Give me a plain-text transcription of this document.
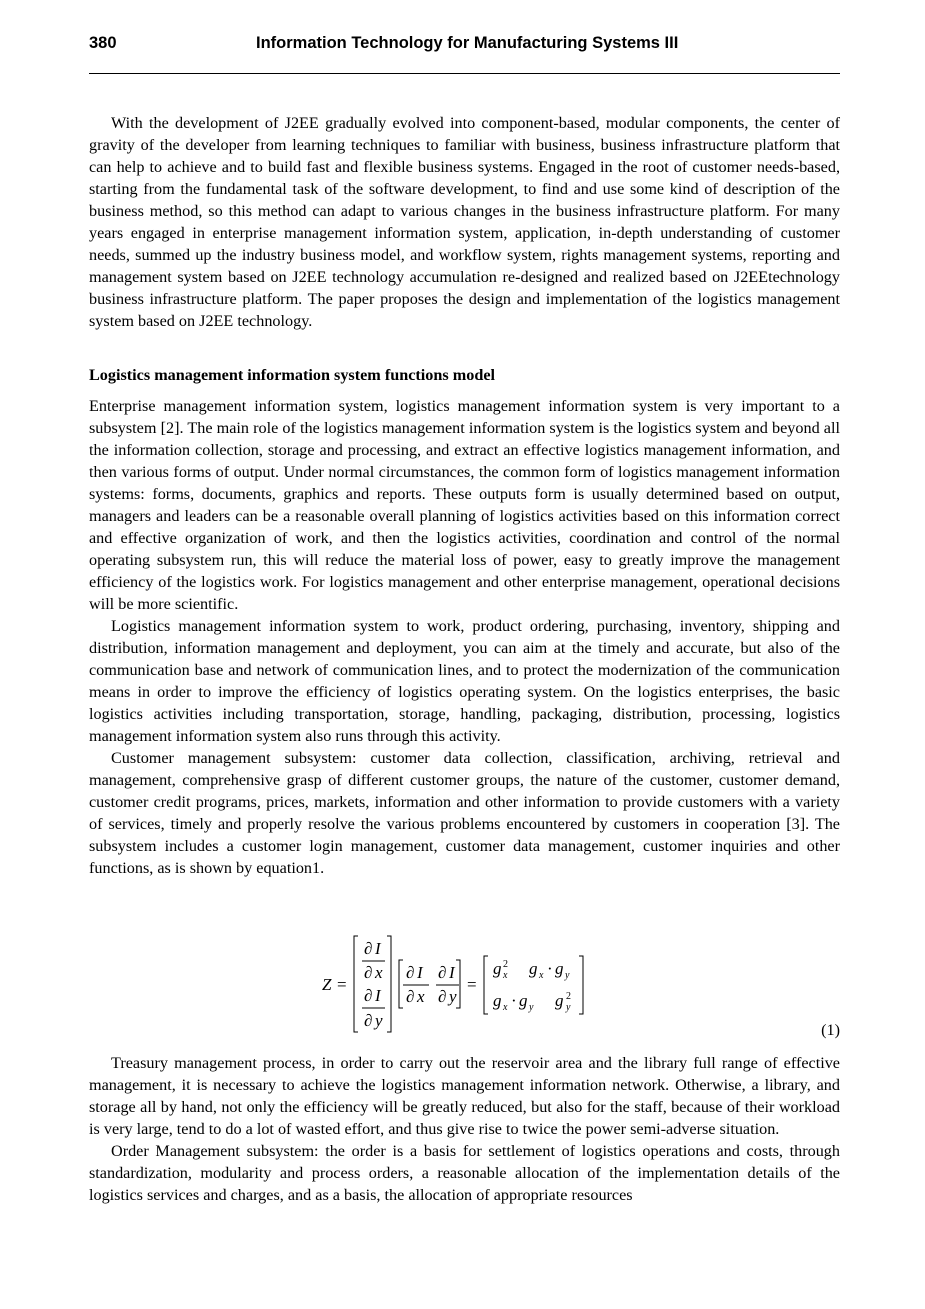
380	Information Technology for Manufacturing Systems III

With the development of J2EE gradually evolved into component-based, modular components, the center of gravity of the developer from learning techniques to familiar with business, business infrastructure platform that can help to achieve and to build fast and flexible business systems. Engaged in the root of customer needs-based, starting from the fundamental task of the software development, to find and use some kind of description of the business method, so this method can adapt to various changes in the business infrastructure platform. For many years engaged in enterprise management information system, application, in-depth understanding of customer needs, summed up the industry business model, and workflow system, rights management systems, reporting and management system based on J2EE technology accumulation re-designed and realized based on J2EEtechnology business infrastructure platform. The paper proposes the design and implementation of the logistics management system based on J2EE technology.

Logistics management information system functions model

Enterprise management information system, logistics management information system is very important to a subsystem [2]. The main role of the logistics management information system is the logistics system and beyond all the information collection, storage and processing, and extract an effective logistics management information, and then various forms of output. Under normal circumstances, the common form of logistics management information systems: forms, documents, graphics and reports. These outputs form is usually determined based on output, managers and leaders can be a reasonable overall planning of logistics activities based on this information correct and effective organization of work, and then the logistics activities, coordination and control of the normal operating subsystem run, this will reduce the material loss of power, easy to greatly improve the management efficiency of the logistics work. For logistics management and other enterprise management, operational decisions will be more scientific.

Logistics management information system to work, product ordering, purchasing, inventory, shipping and distribution, information management and deployment, you can aim at the timely and accurate, but also of the communication base and network of communication lines, and to protect the modernization of the communication means in order to improve the efficiency of logistics operating system. On the logistics enterprises, the basic logistics activities including transportation, storage, handling, packaging, distribution, processing, logistics management information system also runs through this activity.

Customer management subsystem: customer data collection, classification, archiving, retrieval and management, comprehensive grasp of different customer groups, the nature of the customer, customer demand, customer credit programs, prices, markets, information and other information to provide customers with a variety of services, timely and properly resolve the various problems encountered by customers in cooperation [3]. The subsystem includes a customer login management, customer data management, customer inquiries and other functions, as is shown by equation1.

Z =
∂ I
∂ x
∂ I
∂ y
∂ I
∂ x
∂ I
∂ y
=
g 2
x g x · g y
g x · g y g 2
y
(1)

Treasury management process, in order to carry out the reservoir area and the library full range of effective management, it is necessary to achieve the logistics management information network. Otherwise, a library, and storage all by hand, not only the efficiency will be greatly reduced, but also for the staff, because of their workload is very large, tend to do a lot of wasted effort, and thus give rise to twice the power semi-adverse situation.

Order Management subsystem: the order is a basis for settlement of logistics operations and costs, through standardization, modularity and process orders, a reasonable allocation of the implementation details of the logistics services and charges, and as a basis, the allocation of appropriate resources
